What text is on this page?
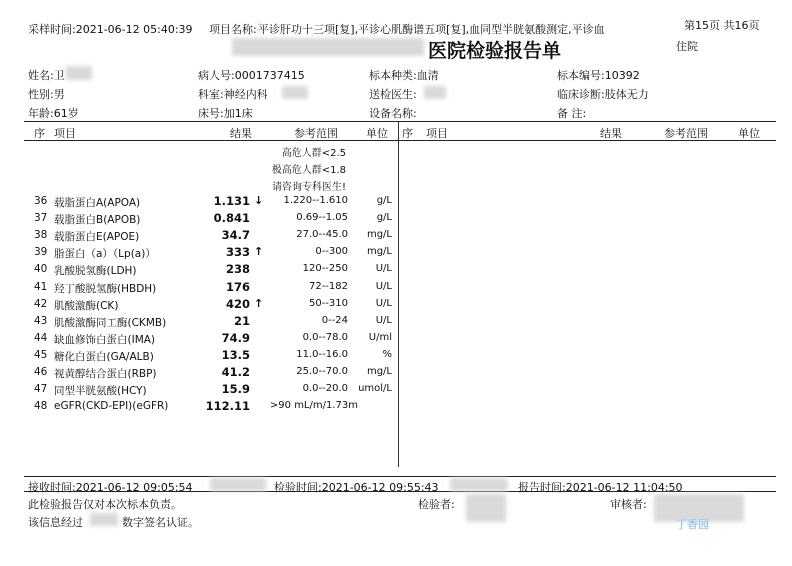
采样时间:2021-06-12 05:40:39 项目名称: 平诊肝功十三项[复],平诊心肌酶谱五项[复],血同型半胱氨酸测定,平诊血	第15页 共16页
住院
医院检验报告单
姓名:卫
性别:男
年龄:61岁
病人号:0001737415
科室:神经内科
床号:加1床
标本种类:血清
送检医生:
设备名称:
标本编号:10392
临床诊断:肢体无力
备 注:
序 项目	结果	参考范围	单位 序 项目	结果	参考范围	单位
高危人群<2.5
极高危人群<1.8
请咨询专科医生!
36 载脂蛋白A(APOA)	1.131 ↓	1.220--1.610	g/L
37 载脂蛋白B(APOB)	0.841	0.69--1.05	g/L
38 载脂蛋白E(APOE)	34.7	27.0--45.0	mg/L
39 脂蛋白（a）（Lp(a)）	333 ↑	0--300	mg/L
40 乳酸脱氢酶(LDH)	238	120--250	U/L
41 羟丁酸脱氢酶(HBDH)	176	72--182	U/L
42 肌酸激酶(CK)	420 ↑	50--310	U/L
43 肌酸激酶同工酶(CKMB)	21	0--24	U/L
44 缺血修饰白蛋白(IMA)	74.9	0.0--78.0	U/ml
45 糖化白蛋白(GA/ALB)	13.5	11.0--16.0	%
46 视黄醇结合蛋白(RBP)	41.2	25.0--70.0	mg/L
47 同型半胱氨酸(HCY)	15.9	0.0--20.0	umol/L
48 eGFR(CKD-EPI)(eGFR)	112.11	>90 mL/m/1.73m
接收时间:2021-06-12 09:05:54	检验时间:2021-06-12 09:55:43	报告时间:2021-06-12 11:04:50
此检验报告仅对本次标本负责。	检验者:	审核者:
该信息经过	数字签名认证。	丁香园
